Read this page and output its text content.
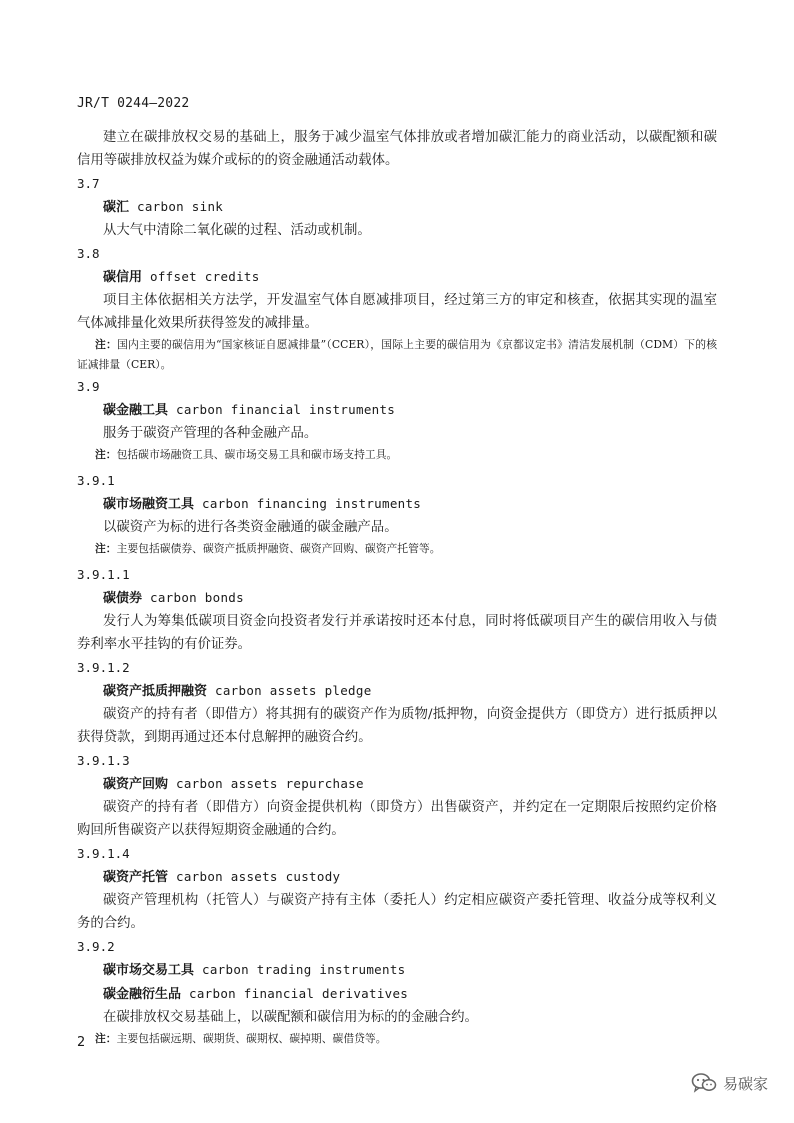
JR/T 0244—2022

建立在碳排放权交易的基础上，服务于减少温室气体排放或者增加碳汇能力的商业活动，以碳配额和碳信用等碳排放权益为媒介或标的的资金融通活动载体。

3.7

碳汇 carbon sink

从大气中清除二氧化碳的过程、活动或机制。

3.8

碳信用 offset credits

项目主体依据相关方法学，开发温室气体自愿减排项目，经过第三方的审定和核查，依据其实现的温室气体减排量化效果所获得签发的减排量。

注：国内主要的碳信用为“国家核证自愿减排量”（CCER），国际上主要的碳信用为《京都议定书》清洁发展机制（CDM）下的核证减排量（CER）。

3.9

碳金融工具 carbon financial instruments

服务于碳资产管理的各种金融产品。

注：包括碳市场融资工具、碳市场交易工具和碳市场支持工具。

3.9.1

碳市场融资工具 carbon financing instruments

以碳资产为标的进行各类资金融通的碳金融产品。

注：主要包括碳债券、碳资产抵质押融资、碳资产回购、碳资产托管等。

3.9.1.1

碳债券 carbon bonds

发行人为筹集低碳项目资金向投资者发行并承诺按时还本付息，同时将低碳项目产生的碳信用收入与债券利率水平挂钩的有价证券。

3.9.1.2

碳资产抵质押融资 carbon assets pledge

碳资产的持有者（即借方）将其拥有的碳资产作为质物/抵押物，向资金提供方（即贷方）进行抵质押以获得贷款，到期再通过还本付息解押的融资合约。

3.9.1.3

碳资产回购 carbon assets repurchase

碳资产的持有者（即借方）向资金提供机构（即贷方）出售碳资产，并约定在一定期限后按照约定价格购回所售碳资产以获得短期资金融通的合约。

3.9.1.4

碳资产托管 carbon assets custody

碳资产管理机构（托管人）与碳资产持有主体（委托人）约定相应碳资产委托管理、收益分成等权利义务的合约。

3.9.2

碳市场交易工具 carbon trading instruments

碳金融衍生品 carbon financial derivatives

在碳排放权交易基础上，以碳配额和碳信用为标的的金融合约。

注：主要包括碳远期、碳期货、碳期权、碳掉期、碳借贷等。

2
易碳家
